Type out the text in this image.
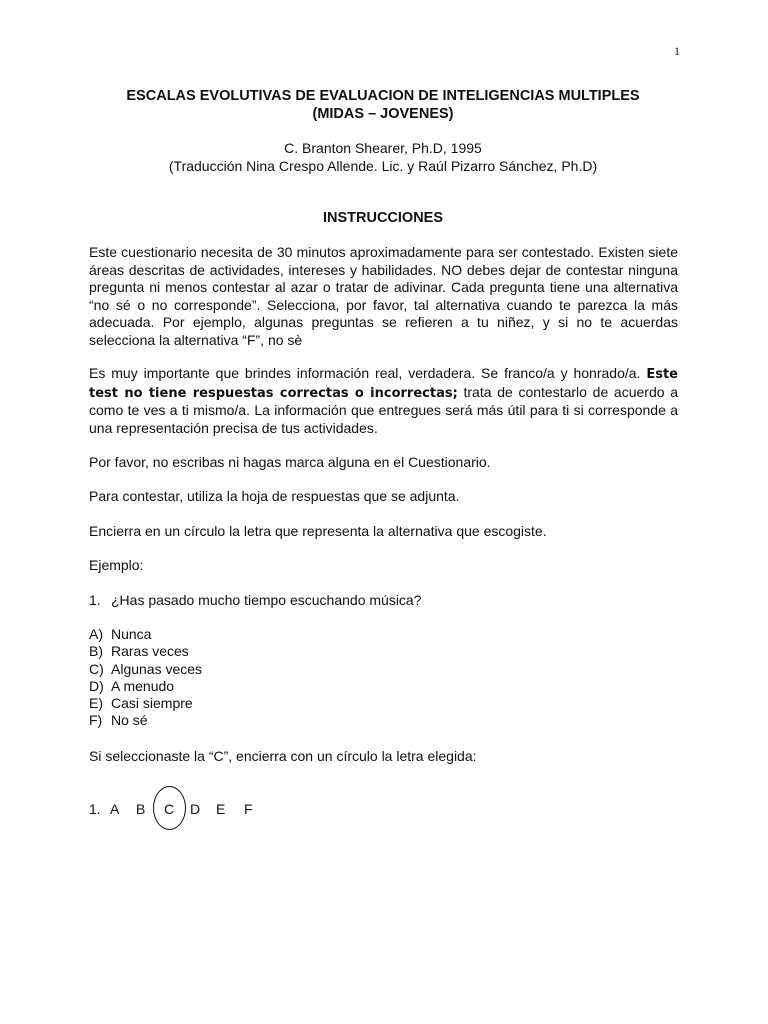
1
ESCALAS EVOLUTIVAS DE EVALUACION DE INTELIGENCIAS MULTIPLES
(MIDAS – JOVENES)
C. Branton Shearer, Ph.D, 1995
(Traducción Nina Crespo Allende. Lic. y Raúl Pizarro Sánchez, Ph.D)
INSTRUCCIONES
Este cuestionario necesita de 30 minutos aproximadamente para ser contestado. Existen siete áreas descritas de actividades, intereses y habilidades. NO debes dejar de contestar ninguna pregunta ni menos contestar al azar o tratar de adivinar. Cada pregunta tiene una alternativa “no sé o no corresponde”. Selecciona, por favor, tal alternativa cuando te parezca la más adecuada. Por ejemplo, algunas preguntas se refieren a tu niñez, y si no te acuerdas selecciona la alternativa “F”, no sè
Es muy importante que brindes información real, verdadera. Se franco/a y honrado/a. Este test no tiene respuestas correctas o incorrectas; trata de contestarlo de acuerdo a como te ves a ti mismo/a. La información que entregues será más útil para ti si corresponde a una representación precisa de tus actividades.
Por favor, no escribas ni hagas marca alguna en el Cuestionario.
Para contestar, utiliza la hoja de respuestas que se adjunta.
Encierra en un círculo la letra que representa la alternativa que escogiste.
Ejemplo:
1. ¿Has pasado mucho tiempo escuchando música?
A) Nunca
B) Raras veces
C) Algunas veces
D) A menudo
E) Casi siempre
F) No sé
Si seleccionaste la “C”, encierra con un círculo la letra elegida:
1. A B C D E F
